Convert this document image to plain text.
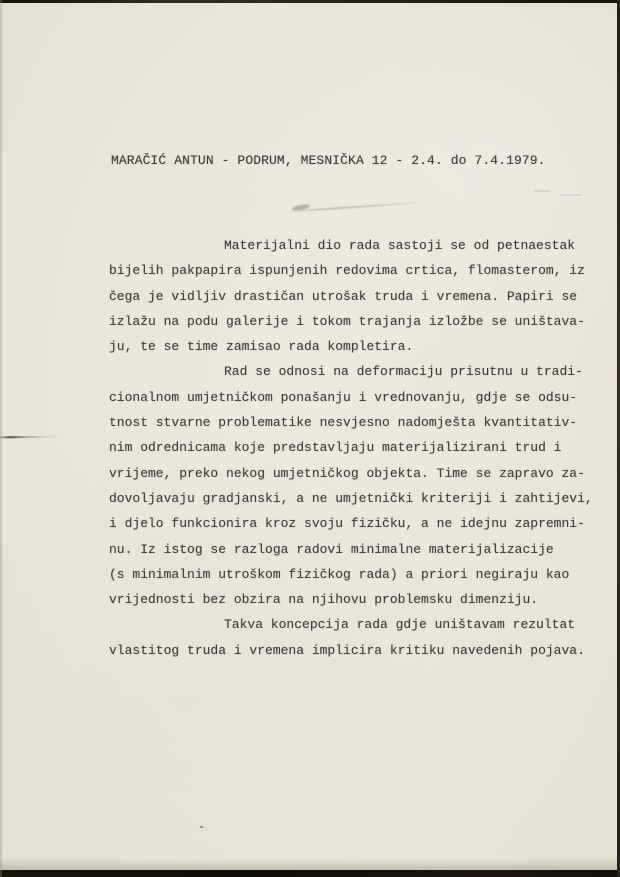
MARAČIĆ ANTUN - PODRUM, MESNIČKA 12 - 2.4. do 7.4.1979.
Materijalni dio rada sastoji se od petnaestak
bijelih pakpapira ispunjenih redovima crtica, flomasterom, iz
čega je vidljiv drastičan utrošak truda i vremena. Papiri se
izlažu na podu galerije i tokom trajanja izložbe se uništava-
ju, te se time zamisao rada kompletira.
Rad se odnosi na deformaciju prisutnu u tradi-
cionalnom umjetničkom ponašanju i vrednovanju, gdje se odsu-
tnost stvarne problematike nesvjesno nadomješta kvantitativ-
nim odrednicama koje predstavljaju materijalizirani trud i
vrijeme, preko nekog umjetničkog objekta. Time se zapravo za-
dovoljavaju gradjanski, a ne umjetnički kriteriji i zahtijevi,
i djelo funkcionira kroz svoju fizičku, a ne idejnu zapremni-
nu. Iz istog se razloga radovi minimalne materijalizacije
(s minimalnim utroškom fizičkog rada) a priori negiraju kao
vrijednosti bez obzira na njihovu problemsku dimenziju.
Takva koncepcija rada gdje uništavam rezultat
vlastitog truda i vremena implicira kritiku navedenih pojava.
